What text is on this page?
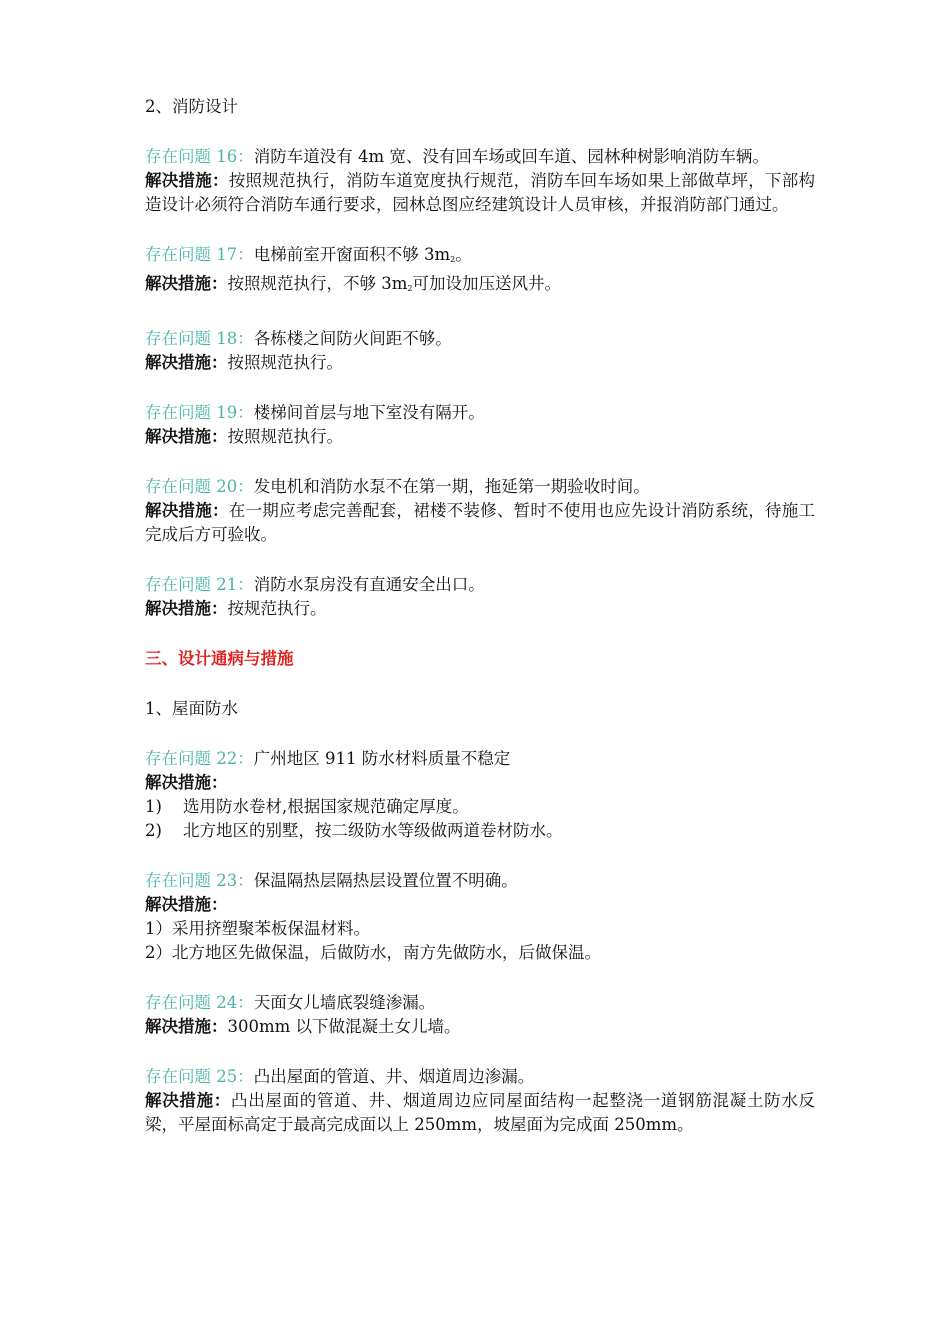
2、消防设计

存在问题 16：消防车道没有 4m 宽、没有回车场或回车道、园林种树影响消防车辆。

解决措施：按照规范执行，消防车道宽度执行规范，消防车回车场如果上部做草坪，下部构造设计必须符合消防车通行要求，园林总图应经建筑设计人员审核，并报消防部门通过。

存在问题 17：电梯前室开窗面积不够 $3m_2$。

解决措施：按照规范执行，不够 $3m_2$可加设加压送风井。

存在问题 18：各栋楼之间防火间距不够。

解决措施：按照规范执行。

存在问题 19：楼梯间首层与地下室没有隔开。

解决措施：按照规范执行。

存在问题 20：发电机和消防水泵不在第一期，拖延第一期验收时间。

解决措施：在一期应考虑完善配套，裙楼不装修、暂时不使用也应先设计消防系统，待施工完成后方可验收。

存在问题 21：消防水泵房没有直通安全出口。

解决措施：按规范执行。

三、设计通病与措施

1、屋面防水

存在问题 22：广州地区 911 防水材料质量不稳定

解决措施：

1) 选用防水卷材,根据国家规范确定厚度。

2) 北方地区的别墅，按二级防水等级做两道卷材防水。

存在问题 23：保温隔热层隔热层设置位置不明确。

解决措施：

1）采用挤塑聚苯板保温材料。

2）北方地区先做保温，后做防水，南方先做防水，后做保温。

存在问题 24：天面女儿墙底裂缝渗漏。

解决措施：300mm 以下做混凝土女儿墙。

存在问题 25：凸出屋面的管道、井、烟道周边渗漏。

解决措施：凸出屋面的管道、井、烟道周边应同屋面结构一起整浇一道钢筋混凝土防水反梁，平屋面标高定于最高完成面以上 250mm，坡屋面为完成面 250mm。
